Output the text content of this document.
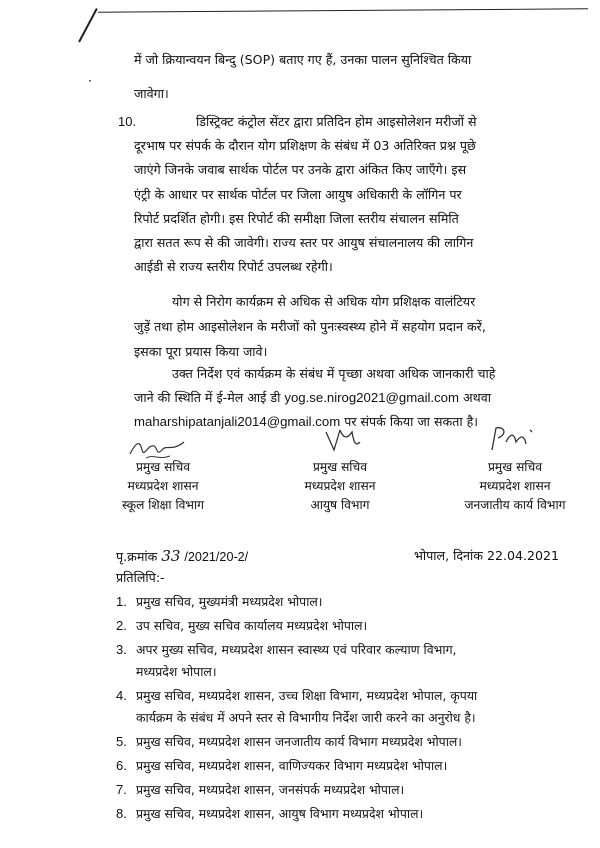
ᐧ
में जो क्रियान्वयन बिन्दु (SOP) बताए गए हैं, उनका पालन सुनिश्चित किया
जावेगा।
10.	डिस्ट्रिक्ट कंट्रोल सेंटर द्वारा प्रतिदिन होम आइसोलेशन मरीजों से
दूरभाष पर संपर्क के दौरान योग प्रशिक्षण के संबंध में 03 अतिरिक्त प्रश्न पूछे
जाएंगे जिनके जवाब सार्थक पोर्टल पर उनके द्वारा अंकित किए जाएँगे। इस
एंट्री के आधार पर सार्थक पोर्टल पर जिला आयुष अधिकारी के लॉगिन पर
रिपोर्ट प्रदर्शित होगी। इस रिपोर्ट की समीक्षा जिला स्तरीय संचालन समिति
द्वारा सतत रूप से की जावेगी। राज्य स्तर पर आयुष संचालनालय की लागिन
आईडी से राज्य स्तरीय रिपोर्ट उपलब्ध रहेगी।
योग से निरोग कार्यक्रम से अधिक से अधिक योग प्रशिक्षक वालंटियर
जुड़ें तथा होम आइसोलेशन के मरीजों को पुनःस्वस्थ्य होने में सहयोग प्रदान करें,
इसका पूरा प्रयास किया जावे।
उक्त निर्देश एवं कार्यक्रम के संबंध में पृच्छा अथवा अधिक जानकारी चाहे
जाने की स्थिति में ई-मेल आई डी yog.se.nirog2021@gmail.com अथवा
maharshipatanjali2014@gmail.com पर संपर्क किया जा सकता है।
प्रमुख सचिव
मध्यप्रदेश शासन
स्कूल शिक्षा विभाग
प्रमुख सचिव
मध्यप्रदेश शासन
आयुष विभाग
प्रमुख सचिव
मध्यप्रदेश शासन
जनजातीय कार्य विभाग
पृ.क्रमांक 33 /2021/20-2/	भोपाल, दिनांक 22.04.2021
प्रतिलिपि:-
1. प्रमुख सचिव, मुख्यमंत्री मध्यप्रदेश भोपाल।
2. उप सचिव, मुख्य सचिव कार्यालय मध्यप्रदेश भोपाल।
3. अपर मुख्य सचिव, मध्यप्रदेश शासन स्वास्थ्य एवं परिवार कल्याण विभाग,
मध्यप्रदेश भोपाल।
4. प्रमुख सचिव, मध्यप्रदेश शासन, उच्च शिक्षा विभाग, मध्यप्रदेश भोपाल, कृपया
कार्यक्रम के संबंध में अपने स्तर से विभागीय निर्देश जारी करने का अनुरोध है।
5. प्रमुख सचिव, मध्यप्रदेश शासन जनजातीय कार्य विभाग मध्यप्रदेश भोपाल।
6. प्रमुख सचिव, मध्यप्रदेश शासन, वाणिज्यकर विभाग मध्यप्रदेश भोपाल।
7. प्रमुख सचिव, मध्यप्रदेश शासन, जनसंपर्क मध्यप्रदेश भोपाल।
8. प्रमुख सचिव, मध्यप्रदेश शासन, आयुष विभाग मध्यप्रदेश भोपाल।
